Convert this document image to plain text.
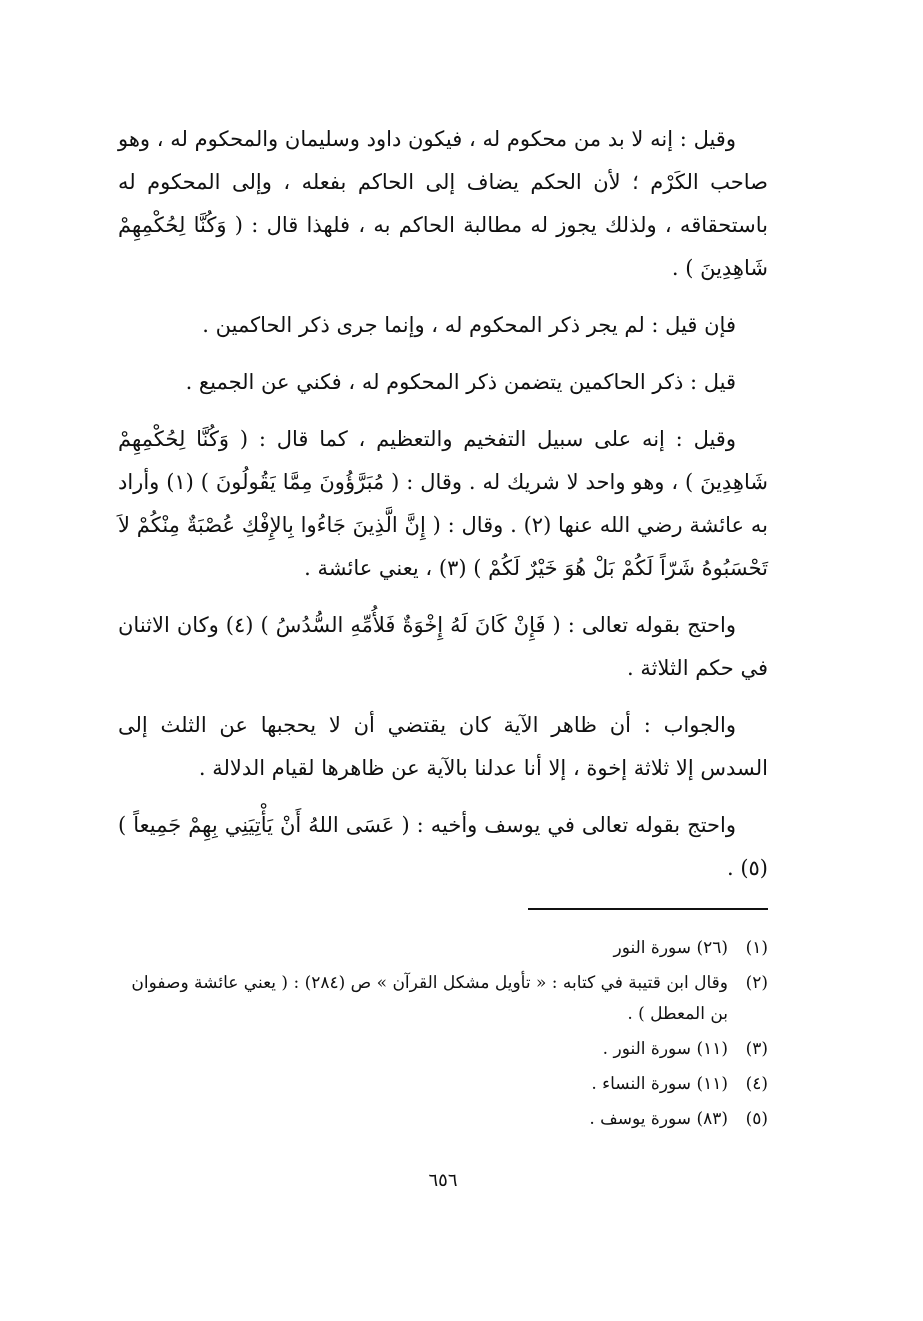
وقيل : إنه لا بد من محكوم له ، فيكون داود وسليمان والمحكوم له ، وهو صاحب الكَرْم ؛ لأن الحكم يضاف إلى الحاكم بفعله ، وإلى المحكوم له باستحقاقه ، ولذلك يجوز له مطالبة الحاكم به ، فلهذا قال : ( وَكُنَّا لِحُكْمِهِمْ شَاهِدِينَ ) .

فإن قيل : لم يجر ذكر المحكوم له ، وإنما جرى ذكر الحاكمين .

قيل : ذكر الحاكمين يتضمن ذكر المحكوم له ، فكني عن الجميع .

وقيل : إنه على سبيل التفخيم والتعظيم ، كما قال : ( وَكُنَّا لِحُكْمِهِمْ شَاهِدِينَ ) ، وهو واحد لا شريك له . وقال : ( مُبَرَّؤُونَ مِمَّا يَقُولُونَ ) (١) وأراد به عائشة رضي الله عنها (٢) . وقال : ( إِنَّ الَّذِينَ جَاءُوا بِالإِفْكِ عُصْبَةٌ مِنْكُمْ لاَ تَحْسَبُوهُ شَرّاً لَكُمْ بَلْ هُوَ خَيْرٌ لَكُمْ ) (٣) ، يعني عائشة .

واحتج بقوله تعالى : ( فَإِنْ كَانَ لَهُ إِخْوَةٌ فَلأُمِّهِ السُّدُسُ ) (٤) وكان الاثنان في حكم الثلاثة .

والجواب : أن ظاهر الآية كان يقتضي أن لا يحجبها عن الثلث إلى السدس إلا ثلاثة إخوة ، إلا أنا عدلنا بالآية عن ظاهرها لقيام الدلالة .

واحتج بقوله تعالى في يوسف وأخيه : ( عَسَى اللهُ أَنْ يَأْتِيَنِي بِهِمْ جَمِيعاً ) (٥) .

(١)
(٢٦) سورة النور
(٢)
وقال ابن قتيبة في كتابه : « تأويل مشكل القرآن » ص (٢٨٤) : ( يعني عائشة وصفوان بن المعطل ) .
(٣)
(١١) سورة النور .
(٤)
(١١) سورة النساء .
(٥)
(٨٣) سورة يوسف .
٦٥٦
